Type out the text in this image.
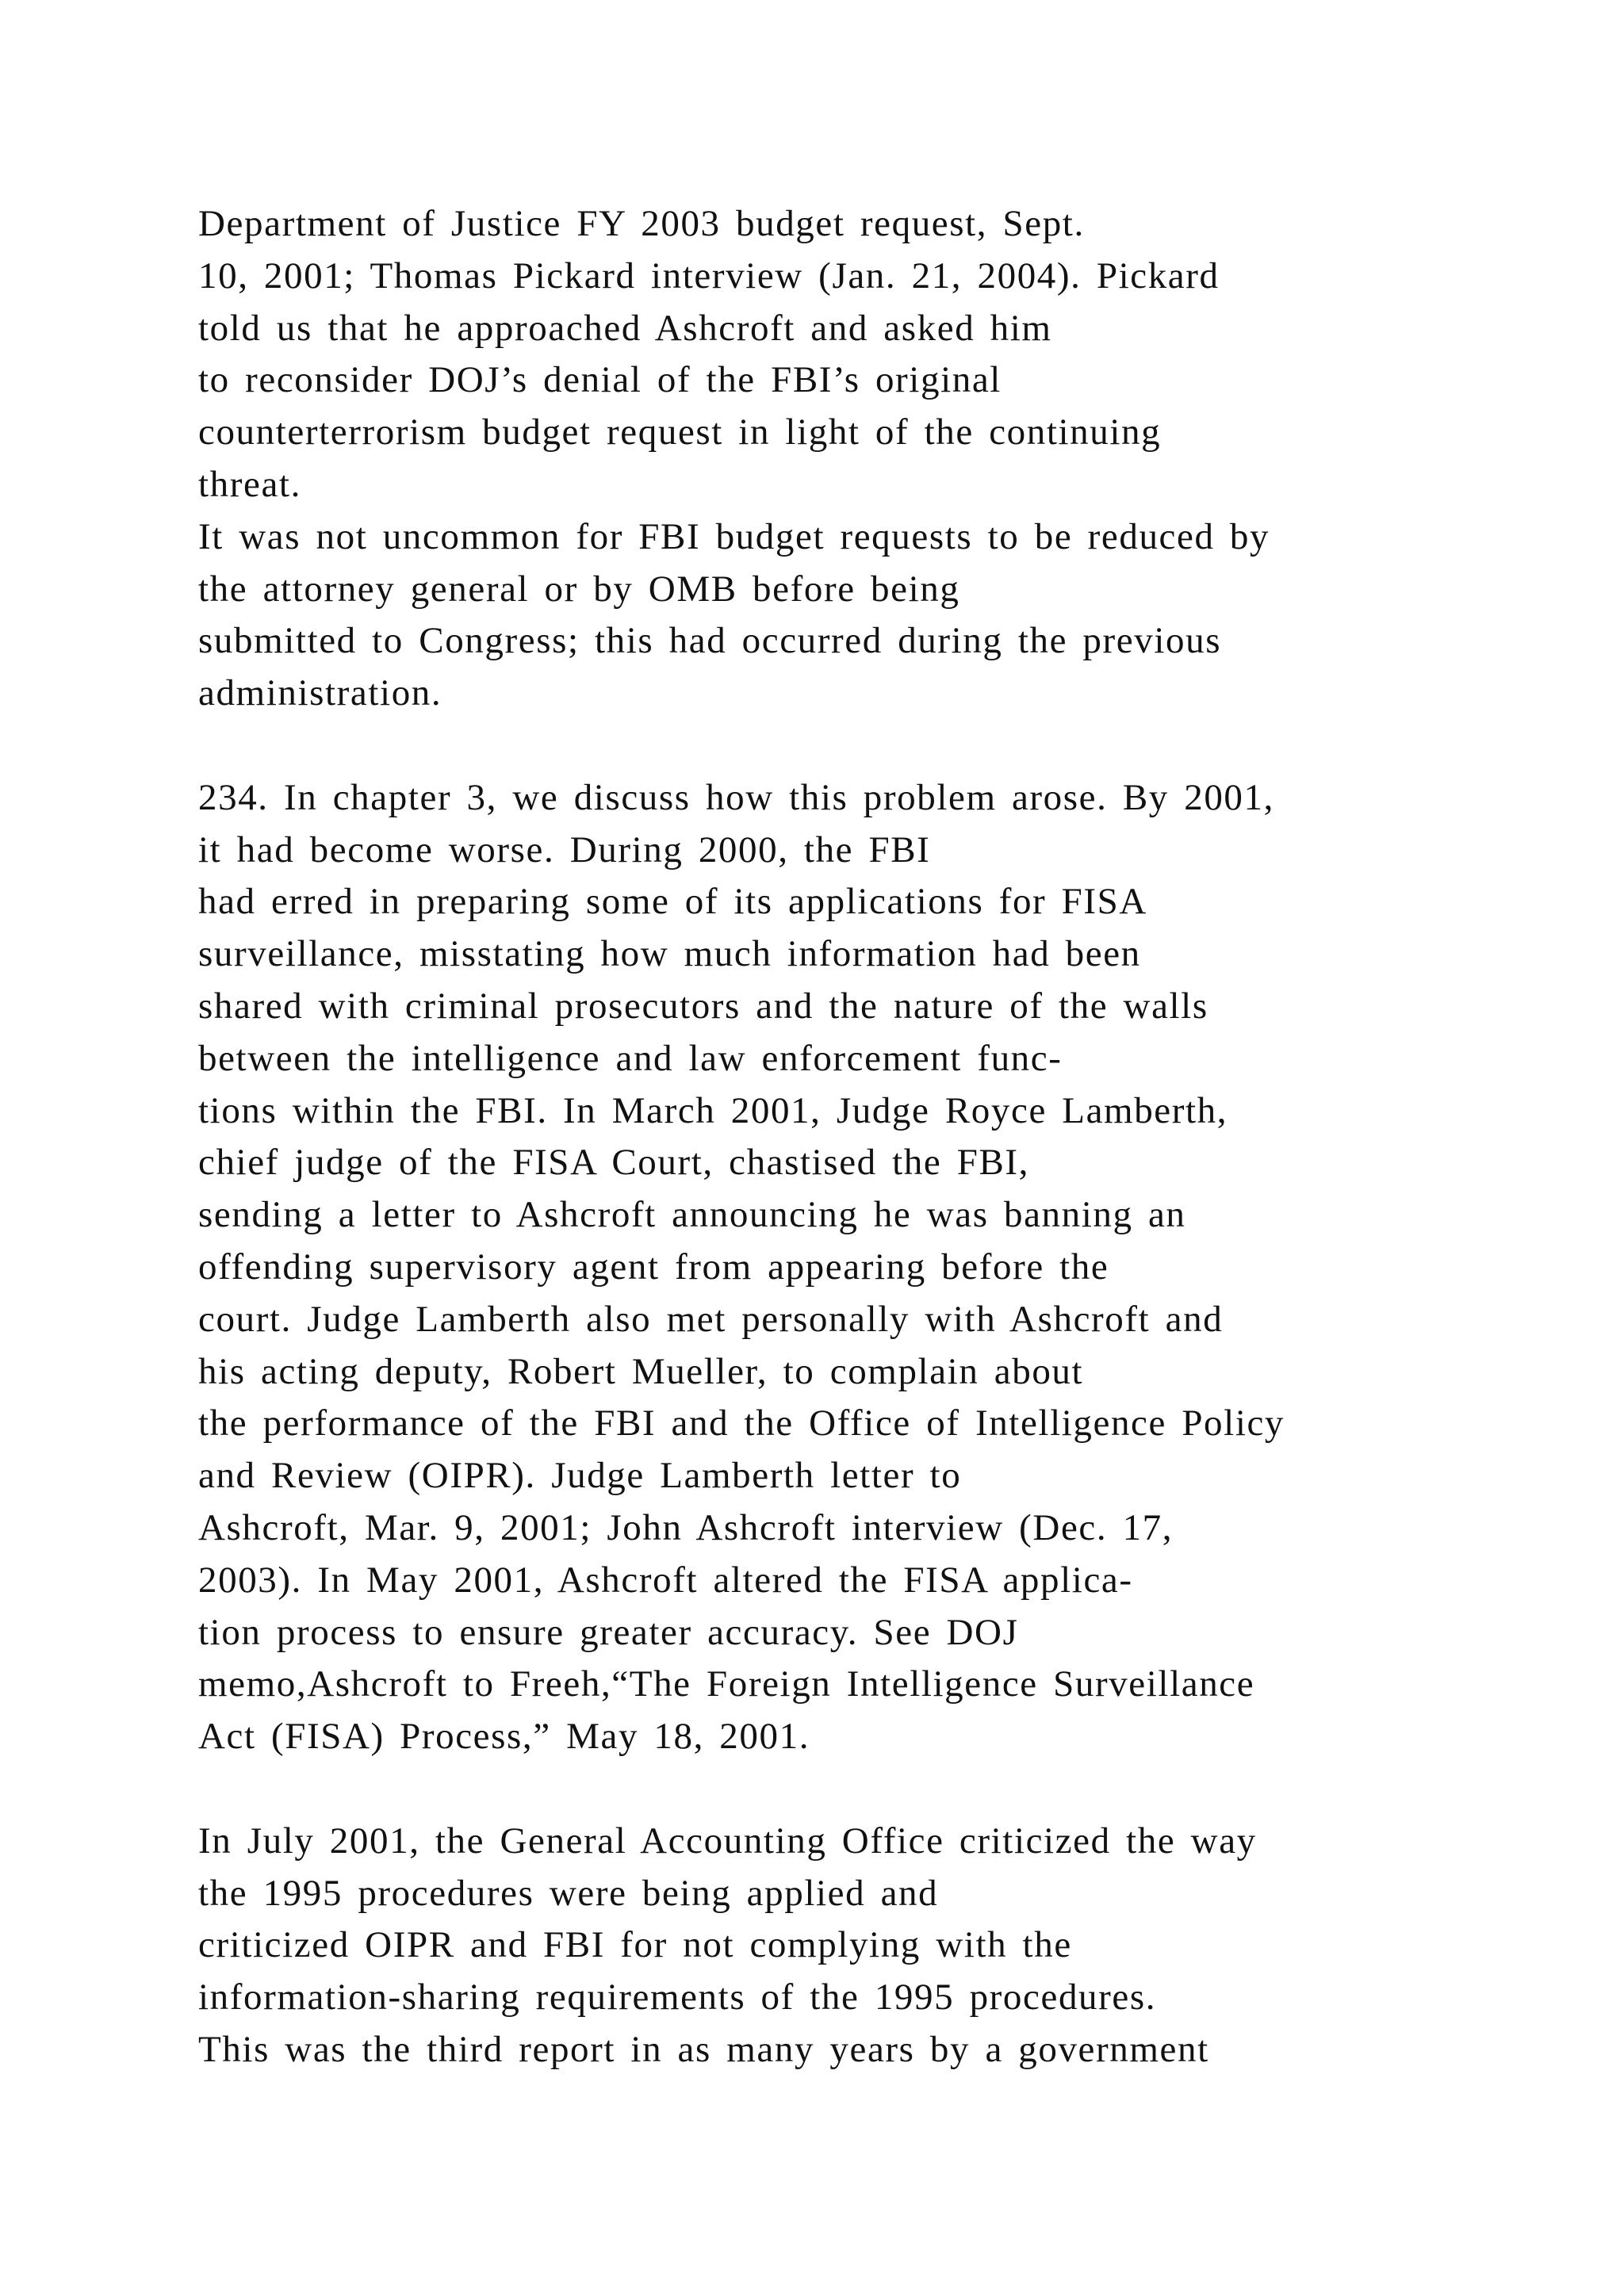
Department of Justice FY 2003 budget request, Sept.
10, 2001; Thomas Pickard interview (Jan. 21, 2004). Pickard
told us that he approached Ashcroft and asked him
to reconsider DOJ’s denial of the FBI’s original
counterterrorism budget request in light of the continuing
threat.
It was not uncommon for FBI budget requests to be reduced by
the attorney general or by OMB before being
submitted to Congress; this had occurred during the previous
administration.
234. In chapter 3, we discuss how this problem arose. By 2001,
it had become worse. During 2000, the FBI
had erred in preparing some of its applications for FISA
surveillance, misstating how much information had been
shared with criminal prosecutors and the nature of the walls
between the intelligence and law enforcement func-
tions within the FBI. In March 2001, Judge Royce Lamberth,
chief judge of the FISA Court, chastised the FBI,
sending a letter to Ashcroft announcing he was banning an
offending supervisory agent from appearing before the
court. Judge Lamberth also met personally with Ashcroft and
his acting deputy, Robert Mueller, to complain about
the performance of the FBI and the Office of Intelligence Policy
and Review (OIPR). Judge Lamberth letter to
Ashcroft, Mar. 9, 2001; John Ashcroft interview (Dec. 17,
2003). In May 2001, Ashcroft altered the FISA applica-
tion process to ensure greater accuracy. See DOJ
memo,Ashcroft to Freeh,“The Foreign Intelligence Surveillance
Act (FISA) Process,” May 18, 2001.
In July 2001, the General Accounting Office criticized the way
the 1995 procedures were being applied and
criticized OIPR and FBI for not complying with the
information-sharing requirements of the 1995 procedures.
This was the third report in as many years by a government
